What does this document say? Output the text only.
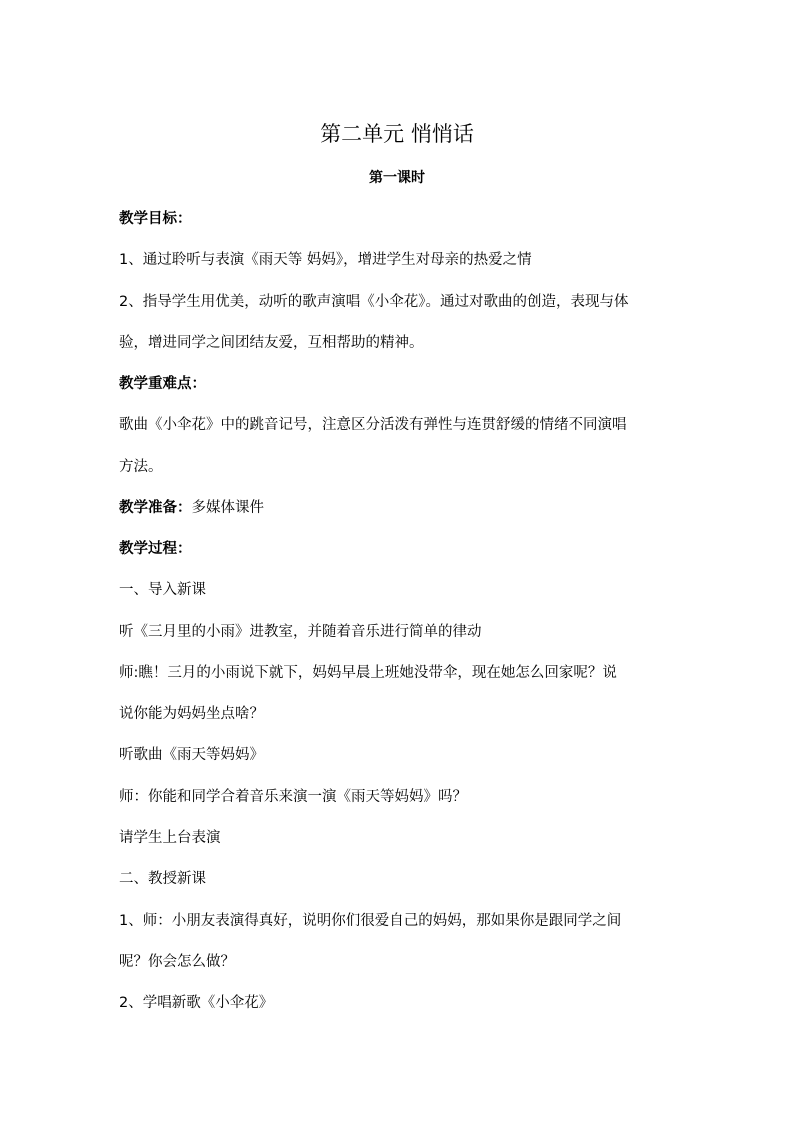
第二单元 悄悄话
第一课时
教学目标：
1、通过聆听与表演《雨天等 妈妈》，增进学生对母亲的热爱之情
2、指导学生用优美，动听的歌声演唱《小伞花》。通过对歌曲的创造，表现与体
验，增进同学之间团结友爱，互相帮助的精神。
教学重难点：
歌曲《小伞花》中的跳音记号，注意区分活泼有弹性与连贯舒缓的情绪不同演唱
方法。
教学准备：多媒体课件
教学过程：
一、导入新课
听《三月里的小雨》进教室，并随着音乐进行简单的律动
师:瞧！三月的小雨说下就下，妈妈早晨上班她没带伞，现在她怎么回家呢？说
说你能为妈妈坐点啥？
听歌曲《雨天等妈妈》
师：你能和同学合着音乐来演一演《雨天等妈妈》吗？
请学生上台表演
二、教授新课
1、师：小朋友表演得真好，说明你们很爱自己的妈妈，那如果你是跟同学之间
呢？你会怎么做？
2、学唱新歌《小伞花》
